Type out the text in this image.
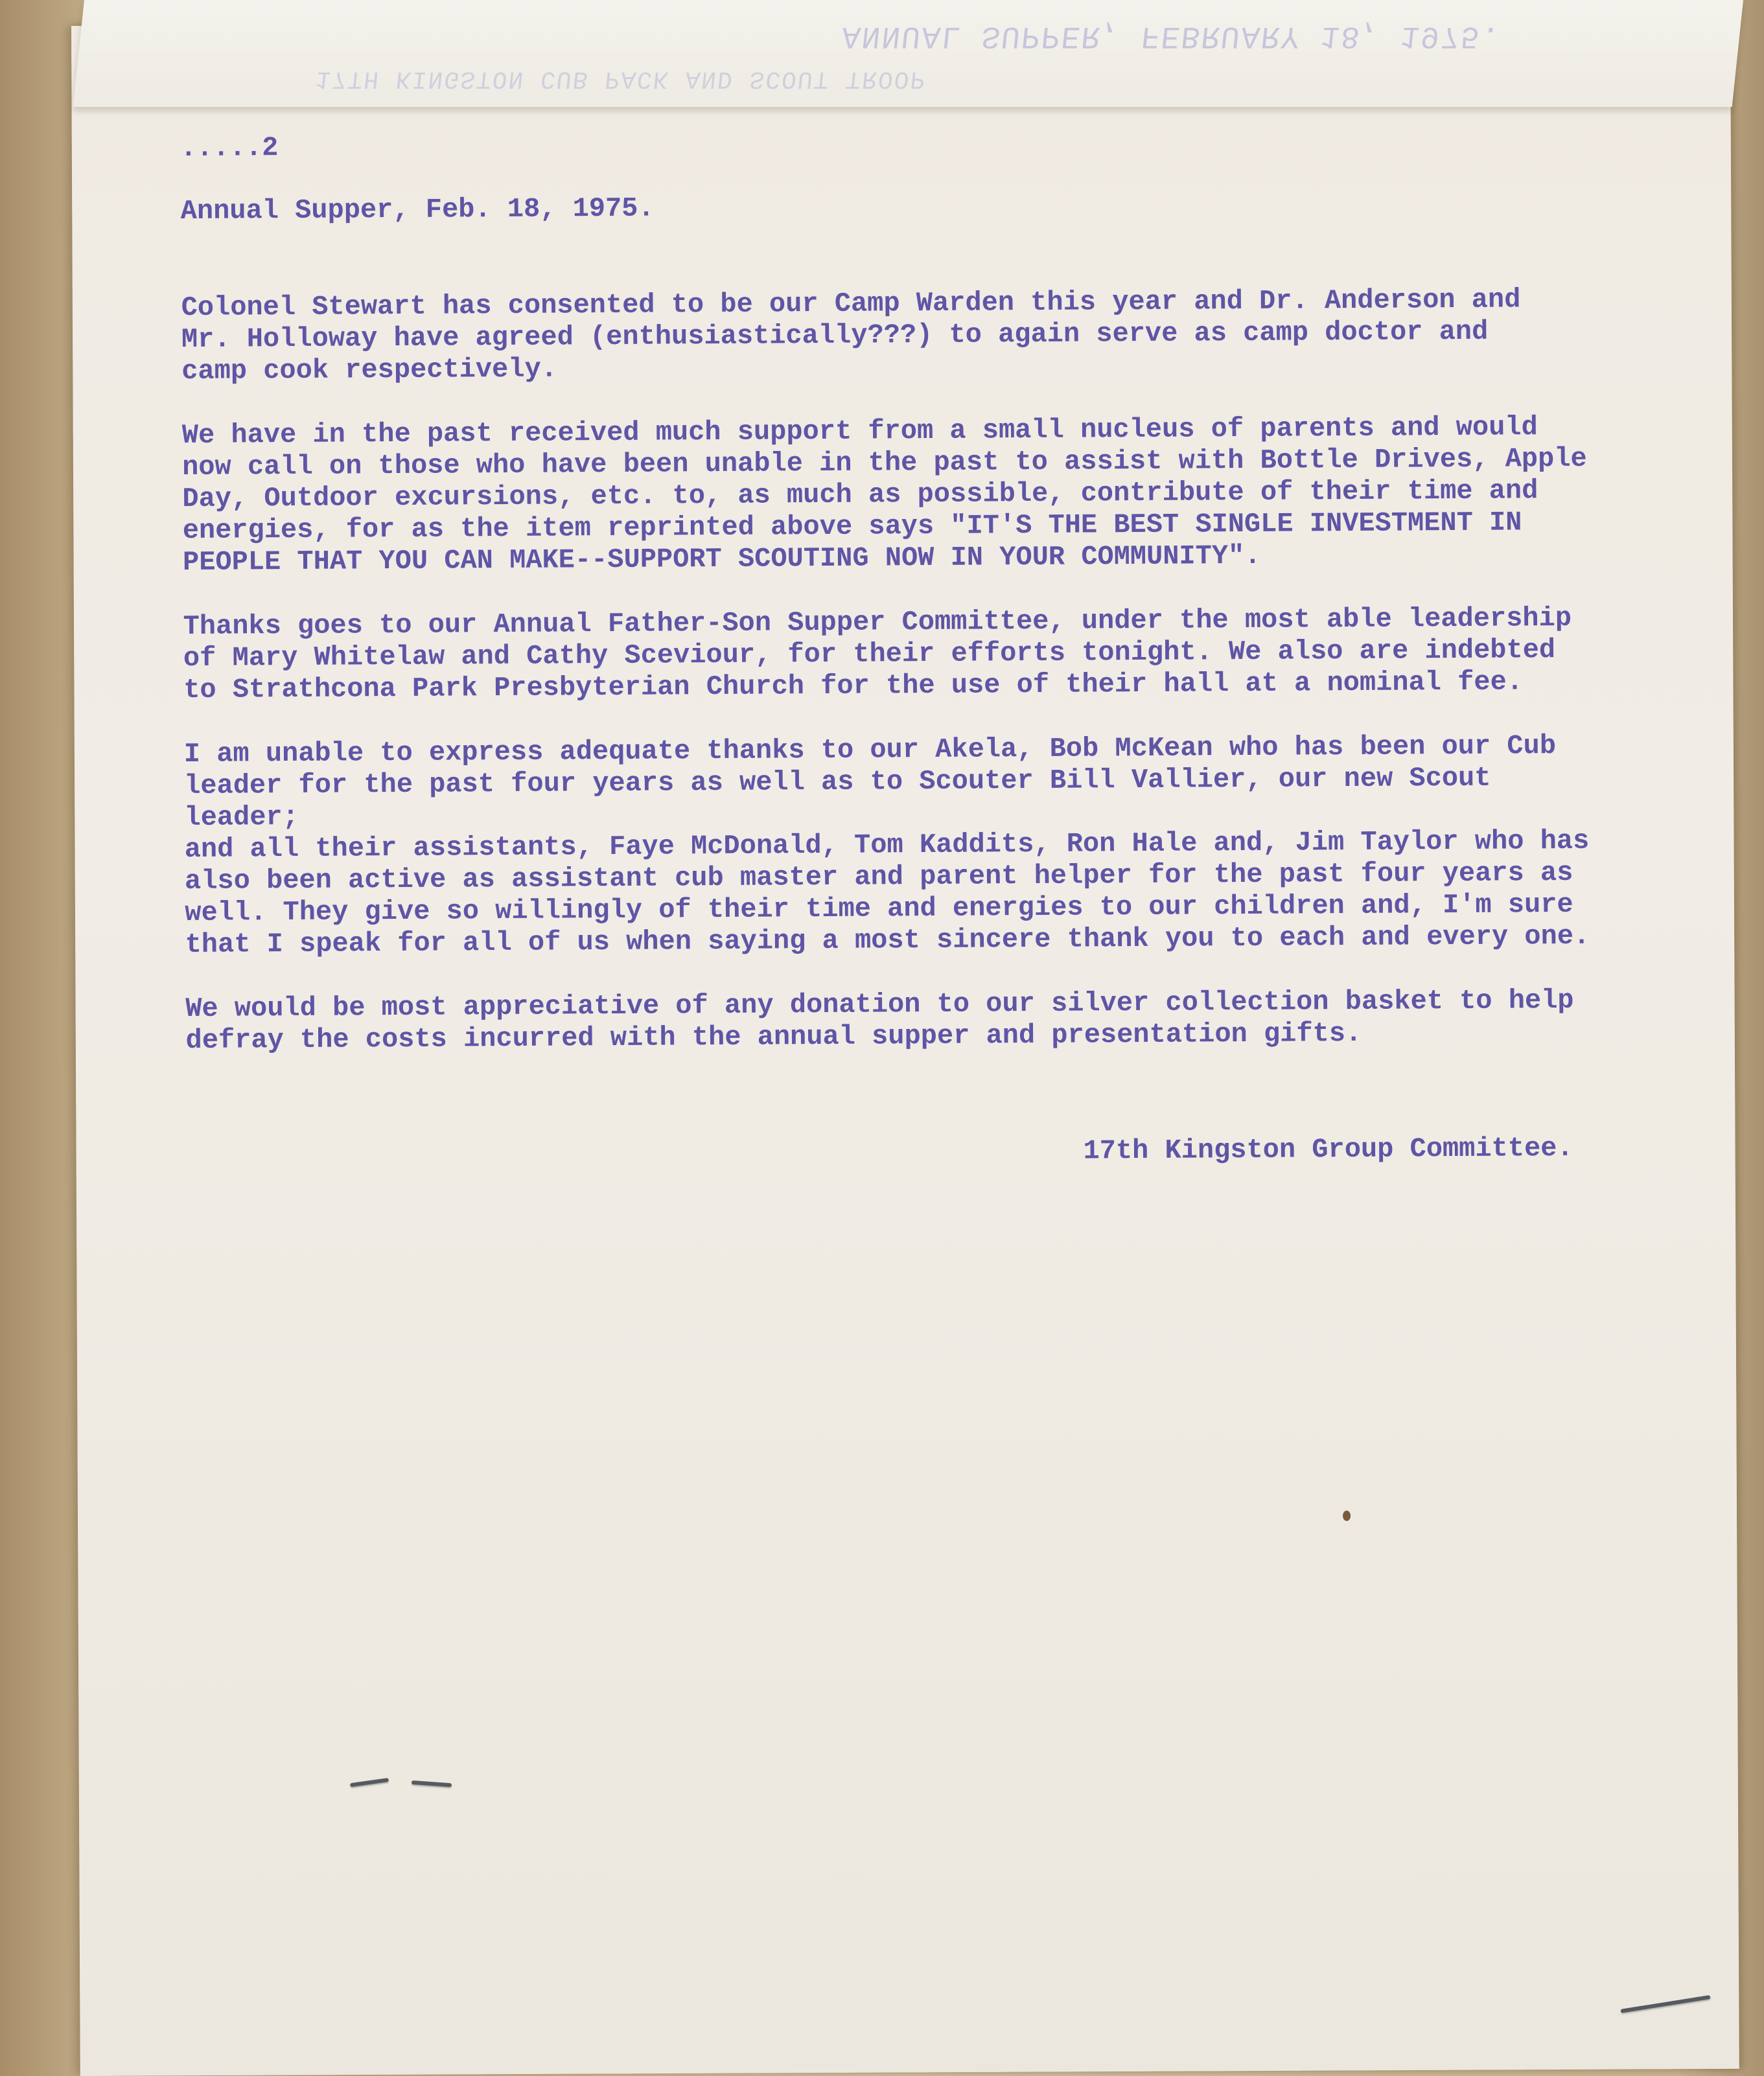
ANNUAL SUPPER, FEBRUARY 18, 1975.
17TH KINGSTON CUB PACK AND SCOUT TROOP

.....2

Annual Supper, Feb. 18, 1975.

Colonel Stewart has consented to be our Camp Warden this year and Dr. Anderson and
Mr. Holloway have agreed (enthusiastically???) to again serve as camp doctor and
camp cook respectively.

We have in the past received much support from a small nucleus of parents and would
now call on those who have been unable in the past to assist with Bottle Drives, Apple
Day, Outdoor excursions, etc. to, as much as possible, contribute of their time and
energies, for as the item reprinted above says "IT'S THE BEST SINGLE INVESTMENT IN
PEOPLE THAT YOU CAN MAKE--SUPPORT SCOUTING NOW IN YOUR COMMUNITY".

Thanks goes to our Annual Father-Son Supper Committee, under the most able leadership
of Mary Whitelaw and Cathy Sceviour, for their efforts tonight. We also are indebted
to Strathcona Park Presbyterian Church for the use of their hall at a nominal fee.

I am unable to express adequate thanks to our Akela, Bob McKean who has been our Cub
leader for the past four years as well as to Scouter Bill Vallier, our new Scout leader;
and all their assistants, Faye McDonald, Tom Kaddits, Ron Hale and, Jim Taylor who has
also been active as assistant cub master and parent helper for the past four years as
well. They give so willingly of their time and energies to our children and, I'm sure
that I speak for all of us when saying a most sincere thank you to each and every one.

We would be most appreciative of any donation to our silver collection basket to help
defray the costs incurred with the annual supper and presentation gifts.

17th Kingston Group Committee.
